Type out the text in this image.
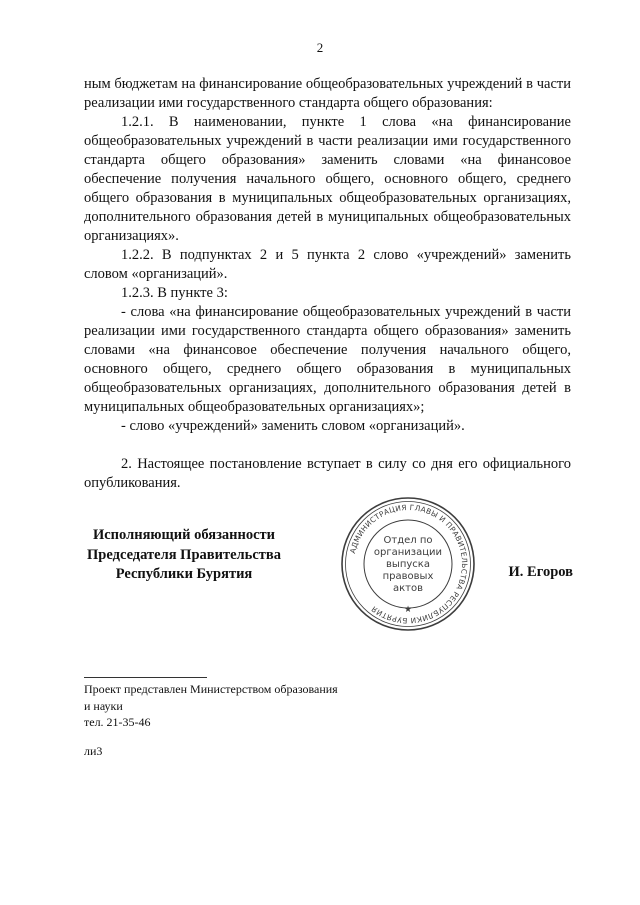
2

ным бюджетам на финансирование общеобразовательных учреждений в части реализации ими государственного стандарта общего образования:

1.2.1. В наименовании, пункте 1 слова «на финансирование общеобразовательных учреждений в части реализации ими государственного стандарта общего образования» заменить словами «на финансовое обеспечение получения начального общего, основного общего, среднего общего образования в муниципальных общеобразовательных организациях, дополнительного образования детей в муниципальных общеобразовательных организациях».

1.2.2. В подпунктах 2 и 5 пункта 2 слово «учреждений» заменить словом «организаций».

1.2.3. В пункте 3:

- слова «на финансирование общеобразовательных учреждений в части реализации ими государственного стандарта общего образования» заменить словами «на финансовое обеспечение получения начального общего, основного общего, среднего общего образования в муниципальных общеобразовательных организациях, дополнительного образования детей в муниципальных общеобразовательных организациях»;

- слово «учреждений» заменить словом «организаций».

2. Настоящее постановление вступает в силу со дня его официального опубликования.

Исполняющий обязанности
Председателя Правительства
Республики Бурятия
АДМИНИСТРАЦИЯ ГЛАВЫ И ПРАВИТЕЛЬСТВА РЕСПУБЛИКИ БУРЯТИЯ	★
Отдел по
организации
выпуска
правовых
актов
И. Егоров
Проект представлен Министерством образования
и науки
тел. 21-35-46
ли3
